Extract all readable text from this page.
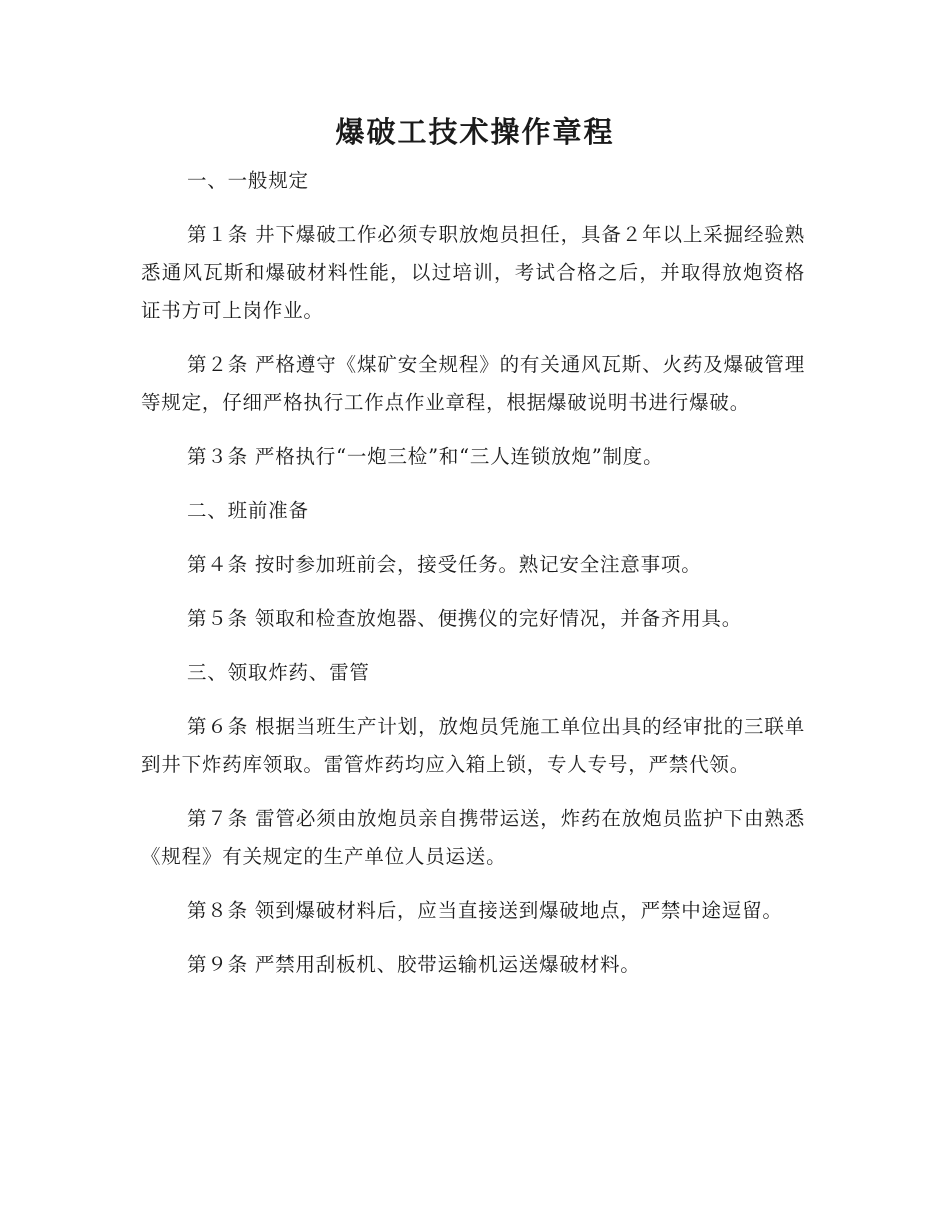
爆破工技术操作章程
一、一般规定

第１条 井下爆破工作必须专职放炮员担任，具备２年以上采掘经验熟悉通风瓦斯和爆破材料性能，以过培训，考试合格之后，并取得放炮资格证书方可上岗作业。

第２条 严格遵守《煤矿安全规程》的有关通风瓦斯、火药及爆破管理等规定，仔细严格执行工作点作业章程，根据爆破说明书进行爆破。

第３条 严格执行“一炮三检”和“三人连锁放炮”制度。

二、班前准备

第４条 按时参加班前会，接受任务。熟记安全注意事项。

第５条 领取和检查放炮器、便携仪的完好情况，并备齐用具。

三、领取炸药、雷管

第６条 根据当班生产计划，放炮员凭施工单位出具的经审批的三联单到井下炸药库领取。雷管炸药均应入箱上锁，专人专号，严禁代领。

第７条 雷管必须由放炮员亲自携带运送，炸药在放炮员监护下由熟悉《规程》有关规定的生产单位人员运送。

第８条 领到爆破材料后，应当直接送到爆破地点，严禁中途逗留。

第９条 严禁用刮板机、胶带运输机运送爆破材料。
